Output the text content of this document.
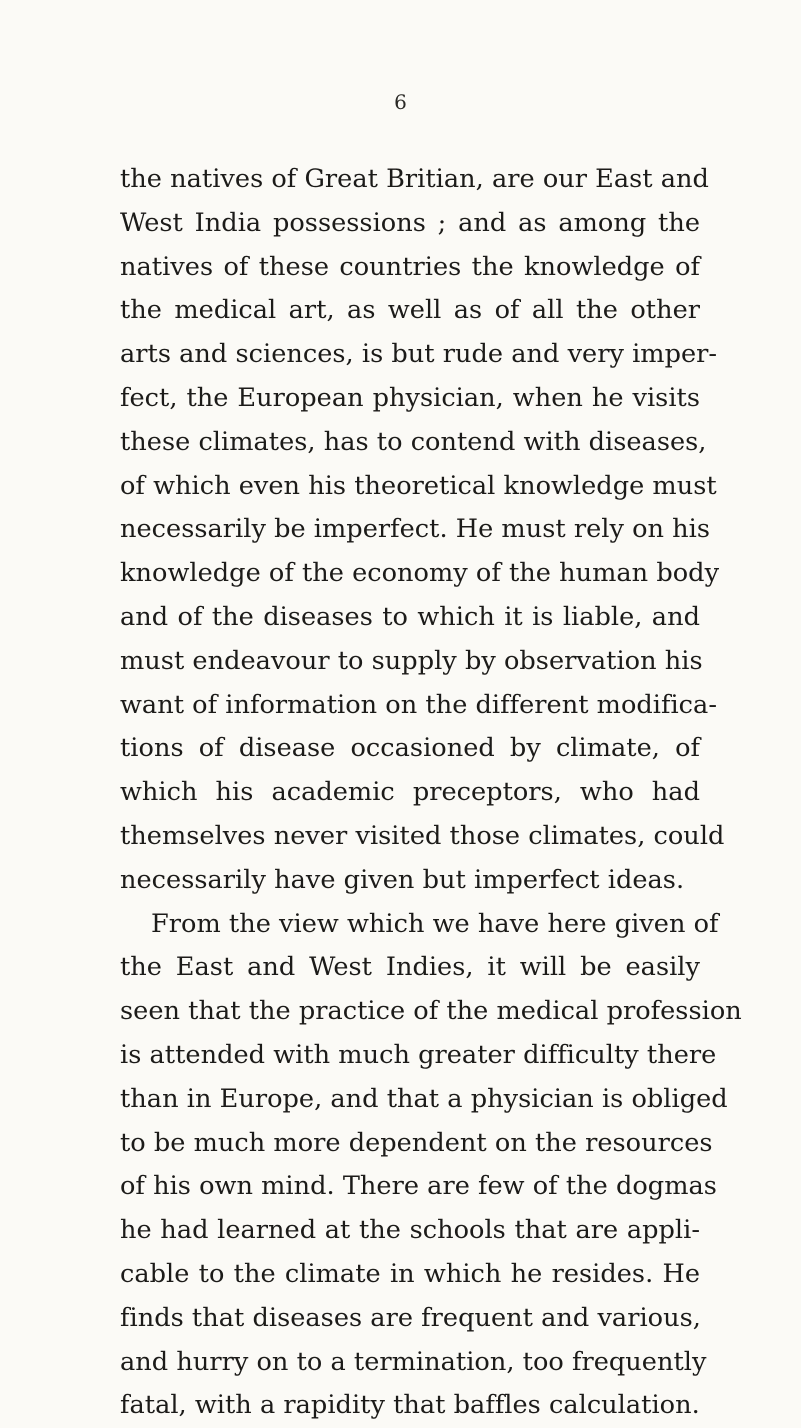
6
the natives of Great Britian, are our East and
West India possessions ; and as among the
natives of these countries the knowledge of
the medical art, as well as of all the other
arts and sciences, is but rude and very imper-
fect, the European physician, when he visits
these climates, has to contend with diseases,
of which even his theoretical knowledge must
necessarily be imperfect. He must rely on his
knowledge of the economy of the human body
and of the diseases to which it is liable, and
must endeavour to supply by observation his
want of information on the different modifica-
tions of disease occasioned by climate, of
which his academic preceptors, who had
themselves never visited those climates, could
necessarily have given but imperfect ideas.
From the view which we have here given of
the East and West Indies, it will be easily
seen that the practice of the medical profession
is attended with much greater difficulty there
than in Europe, and that a physician is obliged
to be much more dependent on the resources
of his own mind. There are few of the dogmas
he had learned at the schools that are appli-
cable to the climate in which he resides. He
finds that diseases are frequent and various,
and hurry on to a termination, too frequently
fatal, with a rapidity that baffles calculation.
